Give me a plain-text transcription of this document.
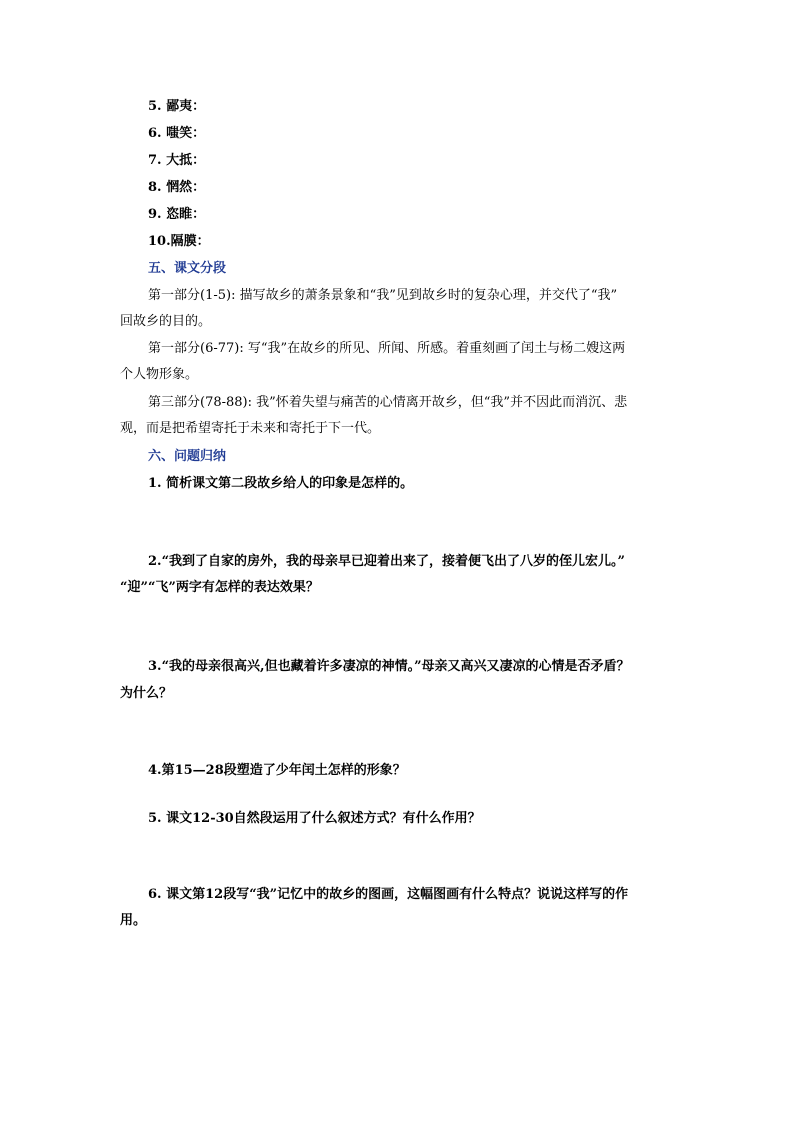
5. 鄙夷：
6. 嗤笑：
7. 大抵：
8. 惘然：
9. 恣睢：
10.隔膜：
五、课文分段
第一部分(1-5): 描写故乡的萧条景象和“我”见到故乡时的复杂心理，并交代了“我”
回故乡的目的。
第一部分(6-77): 写“我”在故乡的所见、所闻、所感。着重刻画了闰土与杨二嫂这两
个人物形象。
第三部分(78-88): 我”怀着失望与痛苦的心情离开故乡，但“我”并不因此而消沉、悲
观，而是把希望寄托于未来和寄托于下一代。
六、问题归纳
1. 简析课文第二段故乡给人的印象是怎样的。
2.“我到了自家的房外，我的母亲早已迎着出来了，接着便飞出了八岁的侄儿宏儿。”
“迎”“飞”两字有怎样的表达效果？
3.“我的母亲很高兴,但也藏着许多凄凉的神情。”母亲又高兴又凄凉的心情是否矛盾？
为什么？
4.第15—28段塑造了少年闰土怎样的形象？
5. 课文12-30自然段运用了什么叙述方式？有什么作用？
6. 课文第12段写“我”记忆中的故乡的图画，这幅图画有什么特点？说说这样写的作
用。
